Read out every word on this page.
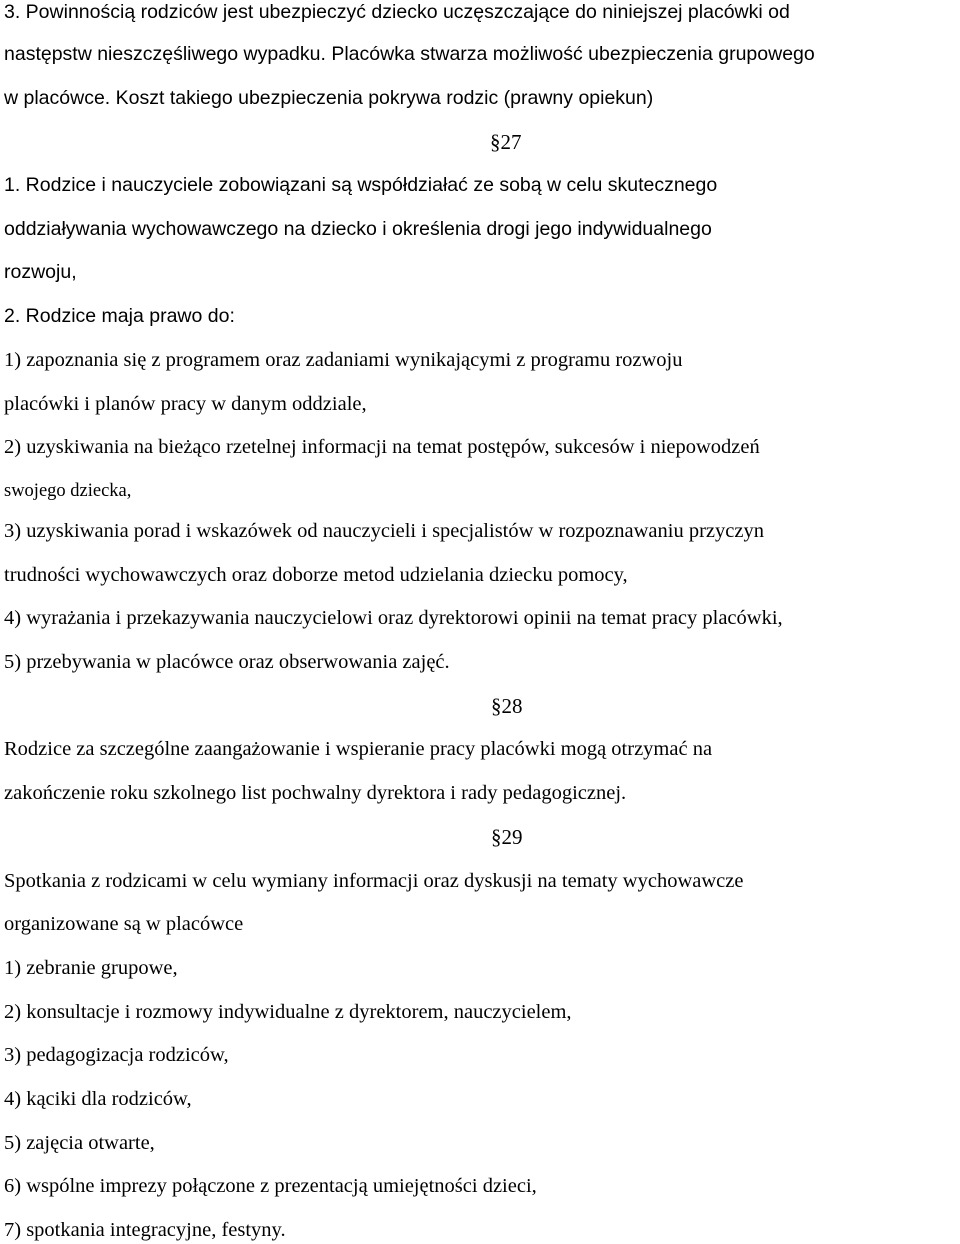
3. Powinnością rodziców jest ubezpieczyć dziecko uczęszczające do niniejszej placówki od
następstw nieszczęśliwego wypadku. Placówka stwarza możliwość ubezpieczenia grupowego
w placówce. Koszt takiego ubezpieczenia pokrywa rodzic (prawny opiekun)
§27
1. Rodzice i nauczyciele zobowiązani są współdziałać ze sobą w celu skutecznego
oddziaływania wychowawczego na dziecko i określenia drogi jego indywidualnego
rozwoju,
2. Rodzice maja prawo do:
1) zapoznania się z programem oraz zadaniami wynikającymi z programu rozwoju
placówki i planów pracy w danym oddziale,
2) uzyskiwania na bieżąco rzetelnej informacji na temat postępów, sukcesów i niepowodzeń
swojego dziecka,
3) uzyskiwania porad i wskazówek od nauczycieli i specjalistów w rozpoznawaniu przyczyn
trudności wychowawczych oraz doborze metod udzielania dziecku pomocy,
4) wyrażania i przekazywania nauczycielowi oraz dyrektorowi opinii na temat pracy placówki,
5) przebywania w placówce oraz obserwowania zajęć.
§28
Rodzice za szczególne zaangażowanie i wspieranie pracy placówki mogą otrzymać na
zakończenie roku szkolnego list pochwalny dyrektora i rady pedagogicznej.
§29
Spotkania z rodzicami w celu wymiany informacji oraz dyskusji na tematy wychowawcze
organizowane są w placówce
1) zebranie grupowe,
2) konsultacje i rozmowy indywidualne z dyrektorem, nauczycielem,
3) pedagogizacja rodziców,
4) kąciki dla rodziców,
5) zajęcia otwarte,
6) wspólne imprezy połączone z prezentacją umiejętności dzieci,
7) spotkania integracyjne, festyny.
